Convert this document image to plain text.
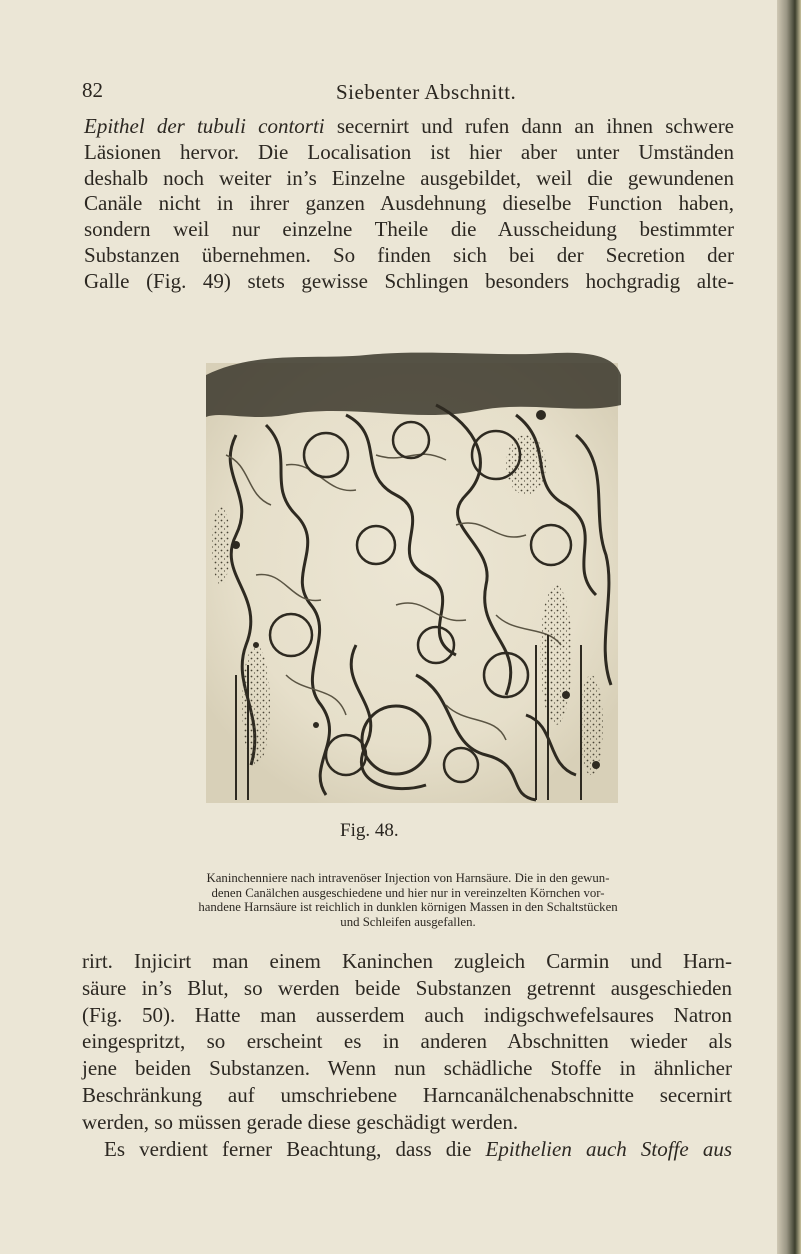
82	Siebenter Abschnitt.
Epithel der tubuli contorti secernirt und rufen dann an ihnen schwere
Läsionen hervor. Die Localisation ist hier aber unter Umständen
deshalb noch weiter in’s Einzelne ausgebildet, weil die gewundenen
Canäle nicht in ihrer ganzen Ausdehnung dieselbe Function haben,
sondern weil nur einzelne Theile die Ausscheidung bestimmter
Substanzen übernehmen. So finden sich bei der Secretion der
Galle (Fig. 49) stets gewisse Schlingen besonders hochgradig alte-
Fig. 48.
Kaninchenniere nach intravenöser Injection von Harnsäure. Die in den gewun-
denen Canälchen ausgeschiedene und hier nur in vereinzelten Körnchen vor-
handene Harnsäure ist reichlich in dunklen körnigen Massen in den Schaltstücken
und Schleifen ausgefallen.
rirt. Injicirt man einem Kaninchen zugleich Carmin und Harn-
säure in’s Blut, so werden beide Substanzen getrennt ausgeschieden
(Fig. 50). Hatte man ausserdem auch indigschwefelsaures Natron
eingespritzt, so erscheint es in anderen Abschnitten wieder als
jene beiden Substanzen. Wenn nun schädliche Stoffe in ähnlicher
Beschränkung auf umschriebene Harncanälchenabschnitte secernirt
werden, so müssen gerade diese geschädigt werden.
Es verdient ferner Beachtung, dass die Epithelien auch Stoffe aus
